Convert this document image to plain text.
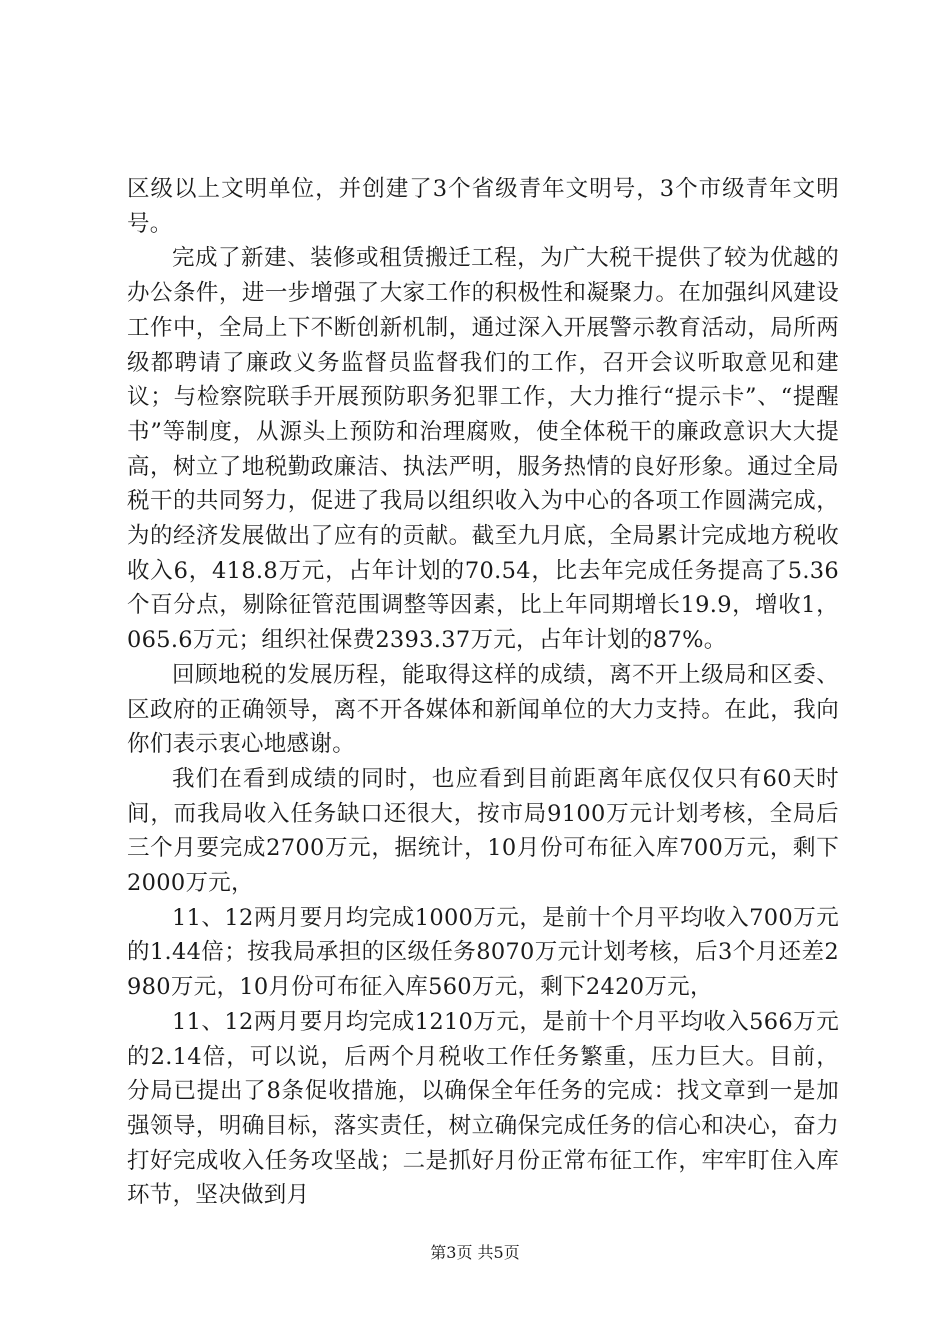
区级以上文明单位，并创建了3个省级青年文明号，3个市级青年文明号。

完成了新建、装修或租赁搬迁工程，为广大税干提供了较为优越的办公条件，进一步增强了大家工作的积极性和凝聚力。在加强纠风建设工作中，全局上下不断创新机制，通过深入开展警示教育活动，局所两级都聘请了廉政义务监督员监督我们的工作，召开会议听取意见和建议；与检察院联手开展预防职务犯罪工作，大力推行“提示卡”、“提醒书”等制度，从源头上预防和治理腐败，使全体税干的廉政意识大大提高，树立了地税勤政廉洁、执法严明，服务热情的良好形象。通过全局税干的共同努力，促进了我局以组织收入为中心的各项工作圆满完成，为的经济发展做出了应有的贡献。截至九月底，全局累计完成地方税收收入6，418.8万元，占年计划的70.54，比去年完成任务提高了5.36个百分点，剔除征管范围调整等因素，比上年同期增长19.9，增收1，065.6万元；组织社保费2393.37万元，占年计划的87%。

回顾地税的发展历程，能取得这样的成绩，离不开上级局和区委、区政府的正确领导，离不开各媒体和新闻单位的大力支持。在此，我向你们表示衷心地感谢。

我们在看到成绩的同时，也应看到目前距离年底仅仅只有60天时间，而我局收入任务缺口还很大，按市局9100万元计划考核，全局后三个月要完成2700万元，据统计，10月份可布征入库700万元，剩下2000万元，

11、12两月要月均完成1000万元，是前十个月平均收入700万元的1.44倍；按我局承担的区级任务8070万元计划考核，后3个月还差2980万元，10月份可布征入库560万元，剩下2420万元，

11、12两月要月均完成1210万元，是前十个月平均收入566万元的2.14倍，可以说，后两个月税收工作任务繁重，压力巨大。目前，分局已提出了8条促收措施，以确保全年任务的完成：找文章到一是加强领导，明确目标，落实责任，树立确保完成任务的信心和决心，奋力打好完成收入任务攻坚战；二是抓好月份正常布征工作，牢牢盯住入库环节，坚决做到月

第3页 共5页
